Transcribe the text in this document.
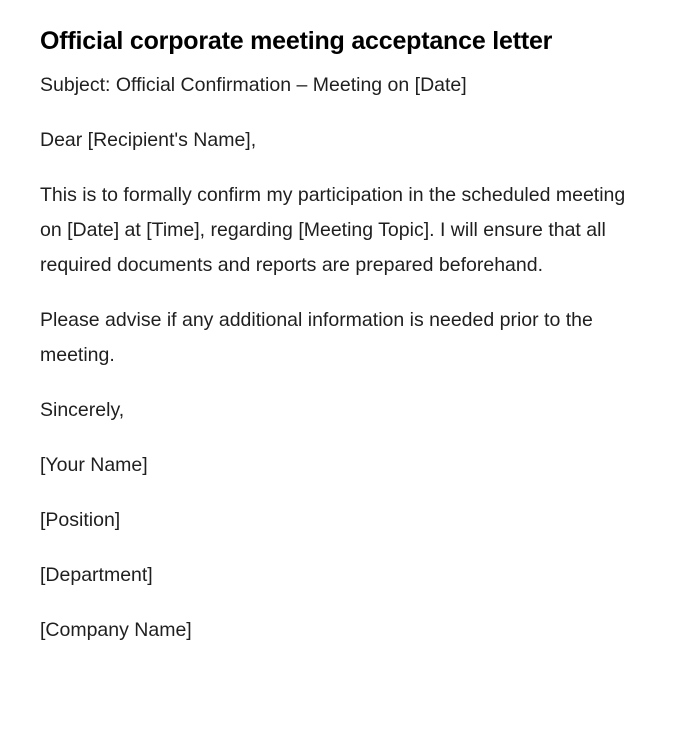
Official corporate meeting acceptance letter

Subject: Official Confirmation – Meeting on [Date]

Dear [Recipient's Name],

This is to formally confirm my participation in the scheduled meeting on [Date] at [Time], regarding [Meeting Topic]. I will ensure that all required documents and reports are prepared beforehand.

Please advise if any additional information is needed prior to the meeting.

Sincerely,

[Your Name]

[Position]

[Department]

[Company Name]
